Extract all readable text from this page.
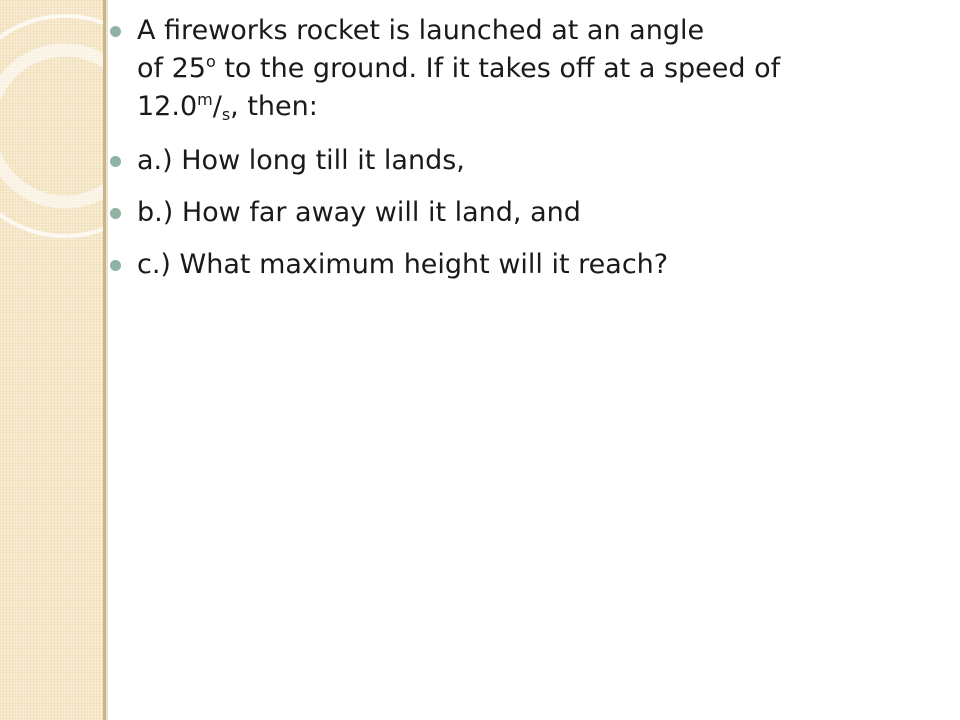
A fireworks rocket is launched at an angle
of 25$^o$ to the ground. If it takes off at a speed of
$12.0^m/_s$, then:
a.) How long till it lands,
b.) How far away will it land, and
c.) What maximum height will it reach?
